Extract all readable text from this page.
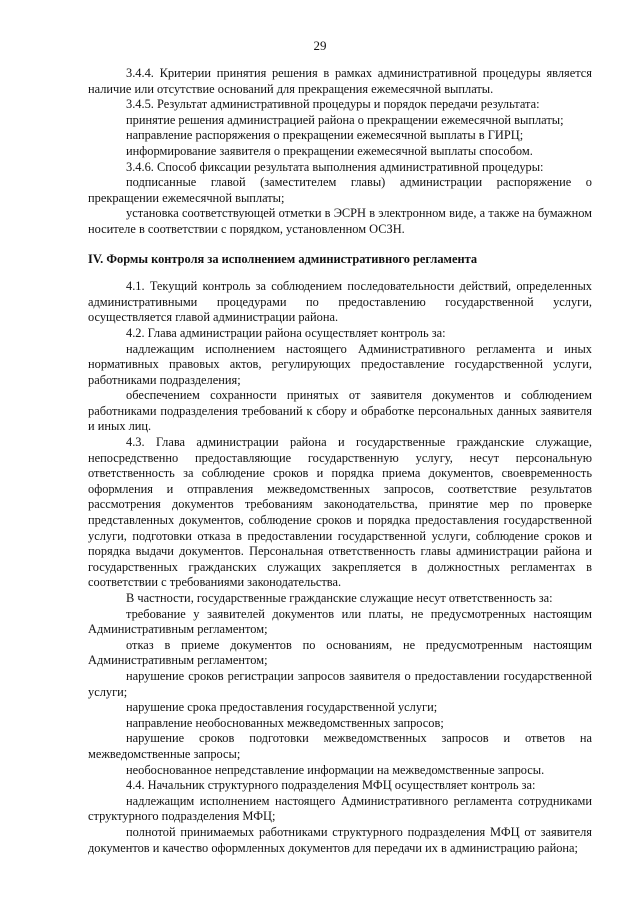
29

3.4.4. Критерии принятия решения в рамках административной процедуры является наличие или отсутствие оснований для прекращения ежемесячной выплаты.

3.4.5. Результат административной процедуры и порядок передачи результата:

принятие решения администрацией района о прекращении ежемесячной выплаты;

направление распоряжения о прекращении ежемесячной выплаты в ГИРЦ;

информирование заявителя о прекращении ежемесячной выплаты способом.

3.4.6. Способ фиксации результата выполнения административной процедуры:

подписанные главой (заместителем главы) администрации распоряжение о прекращении ежемесячной выплаты;

установка соответствующей отметки в ЭСРН в электронном виде, а также на бумажном носителе в соответствии с порядком, установленном ОСЗН.

IV. Формы контроля за исполнением административного регламента

4.1. Текущий контроль за соблюдением последовательности действий, определенных административными процедурами по предоставлению государственной услуги, осуществляется главой администрации района.

4.2. Глава администрации района осуществляет контроль за:

надлежащим исполнением настоящего Административного регламента и иных нормативных правовых актов, регулирующих предоставление государственной услуги, работниками подразделения;

обеспечением сохранности принятых от заявителя документов и соблюдением работниками подразделения требований к сбору и обработке персональных данных заявителя и иных лиц.

4.3. Глава администрации района и государственные гражданские служащие, непосредственно предоставляющие государственную услугу, несут персональную ответственность за соблюдение сроков и порядка приема документов, своевременность оформления и отправления межведомственных запросов, соответствие результатов рассмотрения документов требованиям законодательства, принятие мер по проверке представленных документов, соблюдение сроков и порядка предоставления государственной услуги, подготовки отказа в предоставлении государственной услуги, соблюдение сроков и порядка выдачи документов. Персональная ответственность главы администрации района и государственных гражданских служащих закрепляется в должностных регламентах в соответствии с требованиями законодательства.

В частности, государственные гражданские служащие несут ответственность за:

требование у заявителей документов или платы, не предусмотренных настоящим Административным регламентом;

отказ в приеме документов по основаниям, не предусмотренным настоящим Административным регламентом;

нарушение сроков регистрации запросов заявителя о предоставлении государственной услуги;

нарушение срока предоставления государственной услуги;

направление необоснованных межведомственных запросов;

нарушение сроков подготовки межведомственных запросов и ответов на межведомственные запросы;

необоснованное непредставление информации на межведомственные запросы.

4.4. Начальник структурного подразделения МФЦ осуществляет контроль за:

надлежащим исполнением настоящего Административного регламента сотрудниками структурного подразделения МФЦ;

полнотой принимаемых работниками структурного подразделения МФЦ от заявителя документов и качество оформленных документов для передачи их в администрацию района;
